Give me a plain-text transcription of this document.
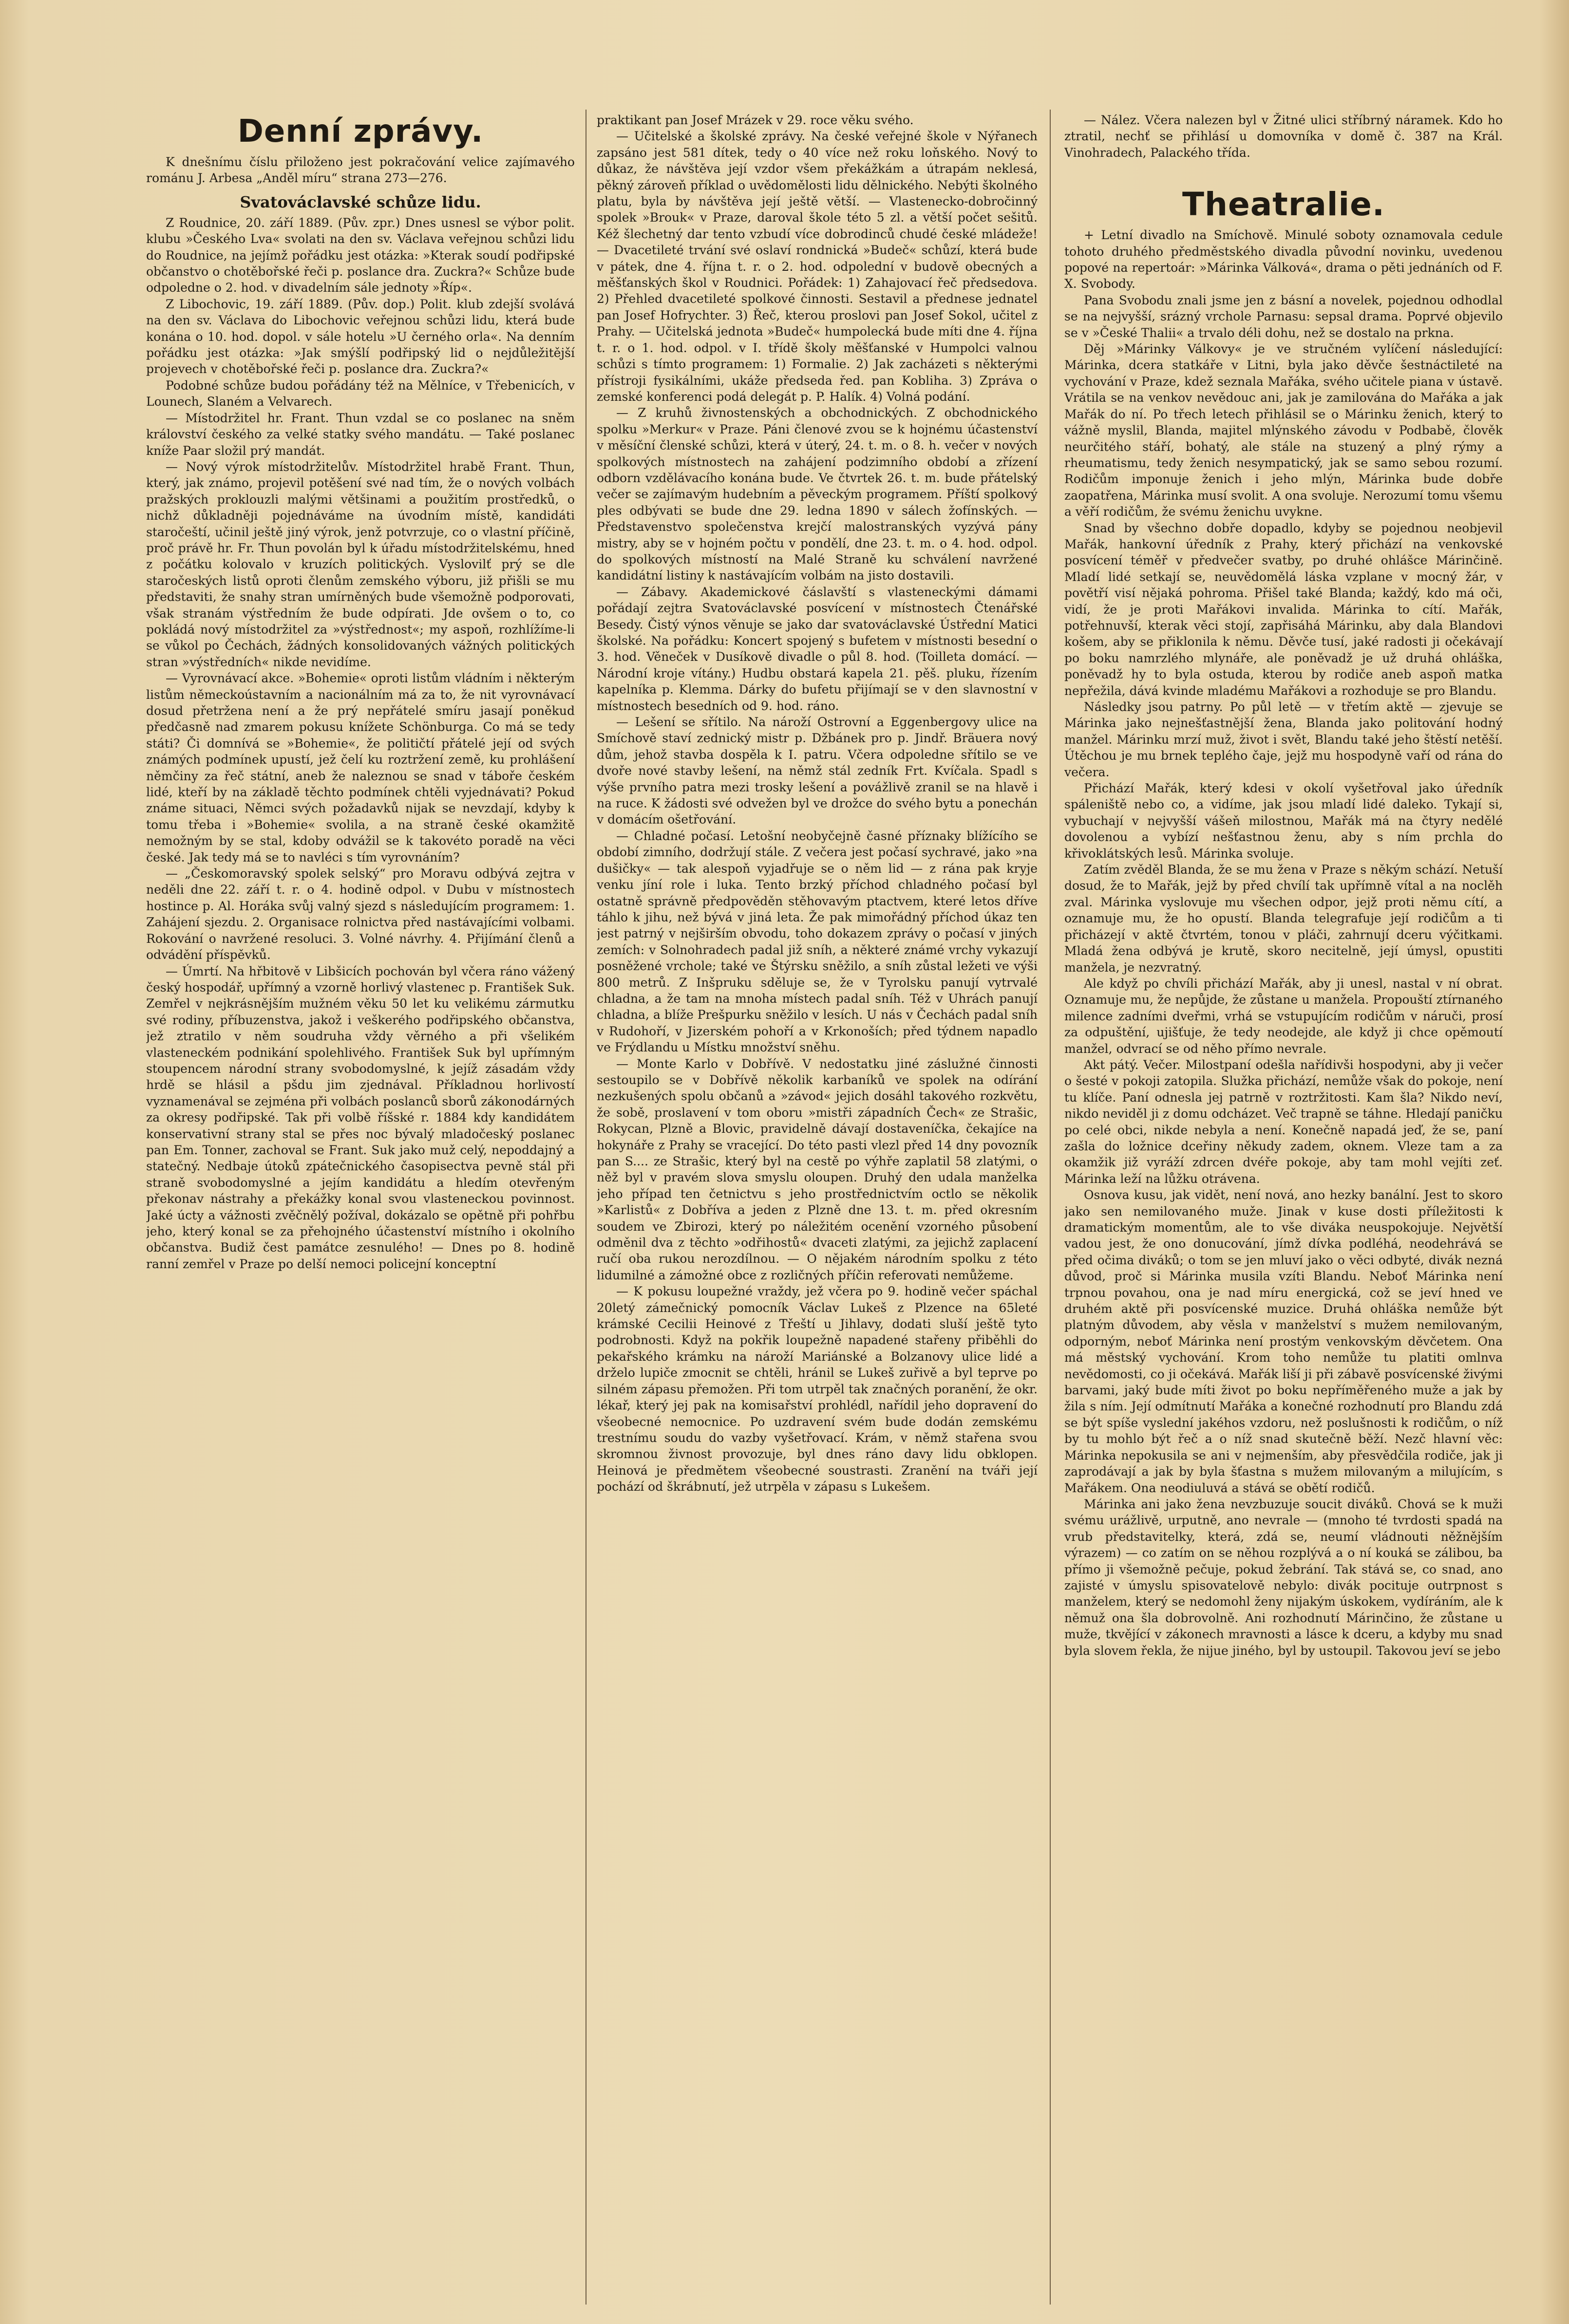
Denní zprávy.

K dnešnímu číslu přiloženo jest pokračování velice zajímavého románu J. Arbesa „Anděl míru“ strana 273—276.

Svatováclavské schůze lidu.

Z Roudnice, 20. září 1889. (Pův. zpr.) Dnes usnesl se výbor polit. klubu »Českého Lva« svolati na den sv. Václava veřejnou schůzi lidu do Roudnice, na jejímž pořádku jest otázka: »Kterak soudí podřipské občanstvo o chotěbořské řeči p. poslance dra. Zuckra?« Schůze bude odpoledne o 2. hod. v divadelním sále jednoty »Říp«.

Z Libochovic, 19. září 1889. (Pův. dop.) Polit. klub zdejší svolává na den sv. Václava do Libochovic veřejnou schůzi lidu, která bude konána o 10. hod. dopol. v sále hotelu »U černého orla«. Na denním pořádku jest otázka: »Jak smýšlí podřipský lid o nejdůležitější projevech v chotěbořské řeči p. poslance dra. Zuckra?«

Podobné schůze budou pořádány též na Mělníce, v Třebenicích, v Lounech, Slaném a Velvarech.

— Místodržitel hr. Frant. Thun vzdal se co poslanec na sněm království českého za velké statky svého mandátu. — Také poslanec kníže Paar složil prý mandát.

— Nový výrok místodržitelův. Místodržitel hrabě Frant. Thun, který, jak známo, projevil potěšení své nad tím, že o nových volbách pražských proklouzli malými většinami a použitím prostředků, o nichž důkladněji pojednáváme na úvodním místě, kandidáti staročeští, učinil ještě jiný výrok, jenž potvrzuje, co o vlastní příčině, proč právě hr. Fr. Thun povolán byl k úřadu místodržitelskému, hned z počátku kolovalo v kruzích politických. Vyslovilť prý se dle staročeských listů oproti členům zemského výboru, již přišli se mu představiti, že snahy stran umírněných bude všemožně podporovati, však stranám výstředním že bude odpírati. Jde ovšem o to, co pokládá nový místodržitel za »výstřednost«; my aspoň, rozhlížíme-li se vůkol po Čechách, žádných konsolidovaných vážných politických stran »výstředních« nikde nevidíme.

— Vyrovnávací akce. »Bohemie« oproti listům vládním i některým listům německoústavním a nacionálním má za to, že nit vyrovnávací dosud přetržena není a že prý nepřátelé smíru jasají poněkud předčasně nad zmarem pokusu knížete Schönburga. Co má se tedy státi? Či domnívá se »Bohemie«, že političtí přátelé její od svých známých podmínek upustí, jež čelí ku roztržení země, ku prohlášení němčiny za řeč státní, aneb že naleznou se snad v táboře českém lidé, kteří by na základě těchto podmínek chtěli vyjednávati? Pokud známe situaci, Němci svých požadavků nijak se nevzdají, kdyby k tomu třeba i »Bohemie« svolila, a na straně české okamžitě nemožným by se stal, kdoby odvážil se k takovéto poradě na věci české. Jak tedy má se to navléci s tím vyrovnáním?

— „Českomoravský spolek selský“ pro Moravu odbývá zejtra v neděli dne 22. září t. r. o 4. hodině odpol. v Dubu v místnostech hostince p. Al. Horáka svůj valný sjezd s následujícím programem: 1. Zahájení sjezdu. 2. Organisace rolnictva před nastávajícími volbami. Rokování o navržené resoluci. 3. Volné návrhy. 4. Přijímání členů a odvádění příspěvků.

— Úmrtí. Na hřbitově v Libšicích pochován byl včera ráno vážený český hospodář, upřímný a vzorně horlivý vlastenec p. František Suk. Zemřel v nejkrásnějším mužném věku 50 let ku velikému zármutku své rodiny, příbuzenstva, jakož i veškerého podřipského občanstva, jež ztratilo v něm soudruha vždy věrného a při všelikém vlasteneckém podnikání spolehlivého. František Suk byl upřímným stoupencem národní strany svobodomyslné, k jejíž zásadám vždy hrdě se hlásil a pšdu jim zjednával. Příkladnou horlivostí vyznamenával se zejména při volbách poslanců sborů zákonodárných za okresy podřipské. Tak při volbě říšské r. 1884 kdy kandidátem konservativní strany stal se přes noc bývalý mladočeský poslanec pan Em. Tonner, zachoval se Frant. Suk jako muž celý, nepoddajný a statečný. Nedbaje útoků zpátečnického časopisectva pevně stál při straně svobodomyslné a jejím kandidátu a hledím otevřeným překonav nástrahy a překážky konal svou vlasteneckou povinnost. Jaké úcty a vážnosti zvěčnělý požíval, dokázalo se opětně při pohřbu jeho, který konal se za přehojného účastenství místního i okolního občanstva. Budiž čest památce zesnulého! — Dnes po 8. hodině ranní zemřel v Praze po delší nemoci policejní konceptní

praktikant pan Josef Mrázek v 29. roce věku svého.

— Učitelské a školské zprávy. Na české veřejné škole v Nýřanech zapsáno jest 581 dítek, tedy o 40 více než roku loňského. Nový to důkaz, že návštěva její vzdor všem překážkám a útrapám neklesá, pěkný zároveň příklad o uvědomělosti lidu dělnického. Nebýti školného platu, byla by návštěva její ještě větší. — Vlastenecko-dobročinný spolek »Brouk« v Praze, daroval škole této 5 zl. a větší počet sešitů. Kéž šlechetný dar tento vzbudí více dobrodinců chudé české mládeže! — Dvacetileté trvání své oslaví rondnická »Budeč« schůzí, která bude v pátek, dne 4. října t. r. o 2. hod. odpolední v budově obecných a měšťanských škol v Roudnici. Pořádek: 1) Zahajovací řeč předsedova. 2) Přehled dvacetileté spolkové činnosti. Sestavil a přednese jednatel pan Josef Hofrychter. 3) Řeč, kterou proslovi pan Josef Sokol, učitel z Prahy. — Učitelská jednota »Budeč« humpolecká bude míti dne 4. října t. r. o 1. hod. odpol. v I. třídě školy měšťanské v Humpolci valnou schůzi s tímto programem: 1) Formalie. 2) Jak zacházeti s některými přístroji fysikálními, ukáže předseda řed. pan Kobliha. 3) Zpráva o zemské konferenci podá delegát p. P. Halík. 4) Volná podání.

— Z kruhů živnostenských a obchodnických. Z obchodnického spolku »Merkur« v Praze. Páni členové zvou se k hojnému účastenství v měsíční členské schůzi, která v úterý, 24. t. m. o 8. h. večer v nových spolkových místnostech na zahájení podzimního období a zřízení odborn vzdělávacího konána bude. Ve čtvrtek 26. t. m. bude přátelský večer se zajímavým hudebním a pěveckým programem. Příští spolkový ples odbývati se bude dne 29. ledna 1890 v sálech žofínských. — Představenstvo společenstva krejčí malostranských vyzývá pány mistry, aby se v hojném počtu v pondělí, dne 23. t. m. o 4. hod. odpol. do spolkových místností na Malé Straně ku schválení navržené kandidátní listiny k nastávajícím volbám na jisto dostavili.

— Zábavy. Akademickové čáslavští s vlasteneckými dámami pořádají zejtra Svatováclavské posvícení v místnostech Čtenářské Besedy. Čistý výnos věnuje se jako dar svatováclavské Ústřední Matici školské. Na pořádku: Koncert spojený s bufetem v místnosti besední o 3. hod. Věneček v Dusíkově divadle o půl 8. hod. (Toilleta domácí. — Národní kroje vítány.) Hudbu obstará kapela 21. pěš. pluku, řízením kapelníka p. Klemma. Dárky do bufetu přijímají se v den slavnostní v místnostech besedních od 9. hod. ráno.

— Lešení se sřítilo. Na nároží Ostrovní a Eggenbergovy ulice na Smíchově staví zednický mistr p. Džbánek pro p. Jindř. Bräuera nový dům, jehož stavba dospěla k I. patru. Včera odpoledne sřítilo se ve dvoře nové stavby lešení, na němž stál zedník Frt. Kvíčala. Spadl s výše prvního patra mezi trosky lešení a povážlivě zranil se na hlavě i na ruce. K žádosti své odvežen byl ve drožce do svého bytu a ponechán v domácím ošetřování.

— Chladné počasí. Letošní neobyčejně časné příznaky blížícího se období zimního, dodržují stále. Z večera jest počasí sychravé, jako »na dušičky« — tak alespoň vyjadřuje se o něm lid — z rána pak kryje venku jíní role i luka. Tento brzký příchod chladného počasí byl ostatně správně předpověděn stěhovavým ptactvem, které letos dříve táhlo k jihu, než bývá v jiná leta. Že pak mimořádný příchod úkaz ten jest patrný v nejširším obvodu, toho dokazem zprávy o počasí v jiných zemích: v Solnohradech padal již sníh, a některé známé vrchy vykazují posněžené vrchole; také ve Štýrsku sněžilo, a sníh zůstal ležeti ve výši 800 metrů. Z Inšpruku sděluje se, že v Tyrolsku panují vytrvalé chladna, a že tam na mnoha místech padal sníh. Též v Uhrách panují chladna, a blíže Prešpurku sněžilo v lesích. U nás v Čechách padal sníh v Rudohoří, v Jizerském pohoří a v Krkonoších; před týdnem napadlo ve Frýdlandu u Místku množství sněhu.

— Monte Karlo v Dobřívě. V nedostatku jiné záslužné činnosti sestoupilo se v Dobřívě několik karbaníků ve spolek na odírání nezkušených spolu občanů a »závod« jejich dosáhl takového rozkvětu, že sobě, proslavení v tom oboru »mistři západních Čech« ze Strašic, Rokycan, Plzně a Blovic, pravidelně dávají dostaveníčka, čekajíce na hokynáře z Prahy se vracející. Do této pasti vlezl před 14 dny povozník pan S.... ze Strašic, který byl na cestě po výhře zaplatil 58 zlatými, o něž byl v pravém slova smyslu oloupen. Druhý den udala manželka jeho případ ten četnictvu s jeho prostřednictvím octlo se několik »Karlistů« z Dobřívа a jeden z Plzně dne 13. t. m. před okresním soudem ve Zbirozi, který po náležitém ocenění vzorného působení odměnil dva z těchto »odřihostů« dvaceti zlatými, za jejichž zaplacení ručí oba rukou nerozdílnou. — O nějakém národním spolku z této lidumilné a zámožné obce z rozličných příčin referovati nemůžeme.

— K pokusu loupežné vraždy, jež včera po 9. hodině večer spáchal 20letý zámečnický pomocník Václav Lukeš z Plzence na 65leté krámské Cecilii Heinové z Třeští u Jihlavy, dodati sluší ještě tyto podrobnosti. Když na pokřik loupežně napadené stařeny přiběhli do pekařského krámku na nároží Mariánské a Bolzanovy ulice lidé a drželo lupiče zmocnit se chtěli, hránil se Lukeš zuřivě a byl teprve po silném zápasu přemožen. Při tom utrpěl tak značných poranění, že okr. lékař, který jej pak na komisařství prohlédl, nařídil jeho dopravení do všeobecné nemocnice. Po uzdravení svém bude dodán zemskému trestnímu soudu do vazby vyšetřovací. Krám, v němž stařena svou skromnou živnost provozuje, byl dnes ráno davy lidu obklopen. Heinová je předmětem všeobecné soustrasti. Zranění na tváři její pochází od škrábnutí, jež utrpěla v zápasu s Lukešem.

— Nález. Včera nalezen byl v Žitné ulici stříbrný náramek. Kdo ho ztratil, nechť se přihlásí u domovníka v domě č. 387 na Král. Vinohradech, Palackého třída.

Theatralie.

+ Letní divadlo na Smíchově. Minulé soboty oznamovala cedule tohoto druhého předměstského divadla původní novinku, uvedenou popové na repertoár: »Márinka Válková«, drama o pěti jednáních od F. X. Svobody.

Pana Svobodu znali jsme jen z básní a novelek, pojednou odhodlal se na nejvyšší, srázný vrchole Parnasu: sepsal drama. Poprvé objevilo se v »České Thalii« a trvalo déli dohu, než se dostalo na prkna.

Děj »Márinky Válkovy« je ve stručném vylíčení následující: Márinka, dcera statkáře v Litni, byla jako děvče šestnáctileté na vychování v Praze, kdež seznala Mařáka, svého učitele piana v ústavě. Vrátila se na venkov nevědouc ani, jak je zamilována do Mařáka a jak Mařák do ní. Po třech letech přihlásil se o Márinku ženich, který to vážně myslil, Blanda, majitel mlýnského závodu v Podbabě, člověk neurčitého stáří, bohatý, ale stále na stuzený a plný rýmy a rheumatismu, tedy ženich nesympatický, jak se samo sebou rozumí. Rodičům imponuje ženich i jeho mlýn, Márinka bude dobře zaopatřena, Márinka musí svolit. A ona svoluje. Nerozumí tomu všemu a věří rodičům, že svému ženichu uvykne.

Snad by všechno dobře dopadlo, kdyby se pojednou neobjevil Mařák, hankovní úředník z Prahy, který přichází na venkovské posvícení téměř v předvečer svatby, po druhé ohlášce Márinčině. Mladí lidé setkají se, neuvědomělá láska vzplane v mocný žár, v povětří visí nějaká pohroma. Přišel také Blanda; každý, kdo má oči, vidí, že je proti Mařákovi invalida. Márinka to cítí. Mařák, potřehnuvší, kterak věci stojí, zapřisáhá Márinku, aby dala Blandovi košem, aby se přiklonila k němu. Děvče tusí, jaké radosti ji očekávají po boku namrzlého mlynáře, ale poněvadž je už druhá ohláška, poněvadž hy to byla ostuda, kterou by rodiče aneb aspoň matka nepřežila, dává kvinde mladému Mařákovi a rozhoduje se pro Blandu.

Následky jsou patrny. Po půl letě — v třetím aktě — zjevuje se Márinka jako nejnešťastnější žena, Blanda jako politování hodný manžel. Márinku mrzí muž, život i svět, Blandu také jeho štěstí netěší. Útěchou je mu brnek teplého čaje, jejž mu hospodyně vaří od rána do večera.

Přichází Mařák, který kdesi v okolí vyšetřoval jako úředník spáleniště nebo co, a vidíme, jak jsou mladí lidé daleko. Tykají si, vybuchají v nejvyšší vášeň milostnou, Mařák má na čtyry nedělé dovolenou a vybízí nešťastnou ženu, aby s ním prchla do křivoklátských lesů. Márinka svoluje.

Zatím zvěděl Blanda, že se mu žena v Praze s někým schází. Netuší dosud, že to Mařák, jejž by před chvílí tak upřímně vítal a na noclěh zval. Márinka vyslovuje mu všechen odpor, jejž proti němu cítí, a oznamuje mu, že ho opustí. Blanda telegrafuje její rodičům a ti přicházejí v aktě čtvrtém, tonou v pláči, zahrnují dceru výčitkami. Mladá žena odbývá je krutě, skoro necitelně, její úmysl, opustiti manžela, je nezvratný.

Ale když po chvíli přichází Mařák, aby ji unesl, nastal v ní obrat. Oznamuje mu, že nepůjde, že zůstane u manžela. Propouští ztírnaného milence zadními dveřmi, vrhá se vstupujícím rodičům v náruči, prosí za odpuštění, ujišťuje, že tedy neodejde, ale když ji chce opěmoutí manžel, odvrací se od něho přímo nevrale.

Akt pátý. Večer. Milostpaní odešla nařídivši hospodyni, aby ji večer o šesté v pokoji zatopila. Služka přichází, nemůže však do pokoje, není tu klíče. Paní odnesla jej patrně v roztržitosti. Kam šla? Nikdo neví, nikdo neviděl ji z domu odcházet. Več trapně se táhne. Hledají paničku po celé obci, nikde nebyla a není. Konečně napadá jeď, že se, paní zašla do ložnice dceřiny někudy zadem, oknem. Vleze tam a za okamžik již vyráží zdrcen dvéře pokoje, aby tam mohl vejíti zeť. Márinka leží na lůžku otrávena.

Osnova kusu, jak vidět, není nová, ano hezky banální. Jest to skoro jako sen nemilovaného muže. Jinak v kuse dosti příležitosti k dramatickým momentům, ale to vše diváka neuspokojuje. Největší vadou jest, že ono donucování, jímž dívka podléhá, neodehrává se před očima diváků; o tom se jen mluví jako o věci odbyté, divák nezná důvod, proč si Márinka musila vzíti Blandu. Neboť Márinka není trpnou povahou, ona je nad míru energická, což se jeví hned ve druhém aktě při posvícenské muzice. Druhá ohláška nemůže být platným důvodem, aby věsla v manželství s mužem nemilovaným, odporným, neboť Márinka není prostým venkovským děvčetem. Ona má městský vychování. Krom toho nemůže tu platiti omlnva nevědomosti, co ji očekává. Mařák liší ji při zábavě posvícenské živými barvami, jaký bude míti život po boku nepříměřeného muže a jak by žila s ním. Její odmítnutí Mařáka a konečné rozhodnutí pro Blandu zdá se být spíše vyslední jakéhos vzdoru, než poslušnosti k rodičům, o níž by tu mohlo být řeč a o níž snad skutečně běží. Nezč hlavní věc: Márinka nepokusila se ani v nejmenším, aby přesvědčila rodiče, jak ji zaprodávají a jak by byla šťastna s mužem milovaným a milujícím, s Mařákem. Ona neodiuluvá a stává se obětí rodičů.

Márinka ani jako žena nevzbuzuje soucit diváků. Chová se k muži svému urážlivě, urputně, ano nevrale — (mnoho té tvrdosti spadá na vrub představitelky, která, zdá se, neumí vládnouti něžnějším výrazem) — co zatím on se něhou rozplývá a o ní kouká se zálibou, ba přímo ji všemožně pečuje, pokud žebrání. Tak stává se, co snad, ano zajisté v úmyslu spisovatelově nebylo: divák pocituje outrpnost s manželem, který se nedomohl ženy nijakým úskokem, vydíráním, ale k němuž ona šla dobrovolně. Ani rozhodnutí Márinčino, že zůstane u muže, tkvějící v zákonech mravnosti a lásce k dceru, a kdyby mu snad byla slovem řekla, že nijue jiného, byl by ustoupil. Takovou jeví se jebo
